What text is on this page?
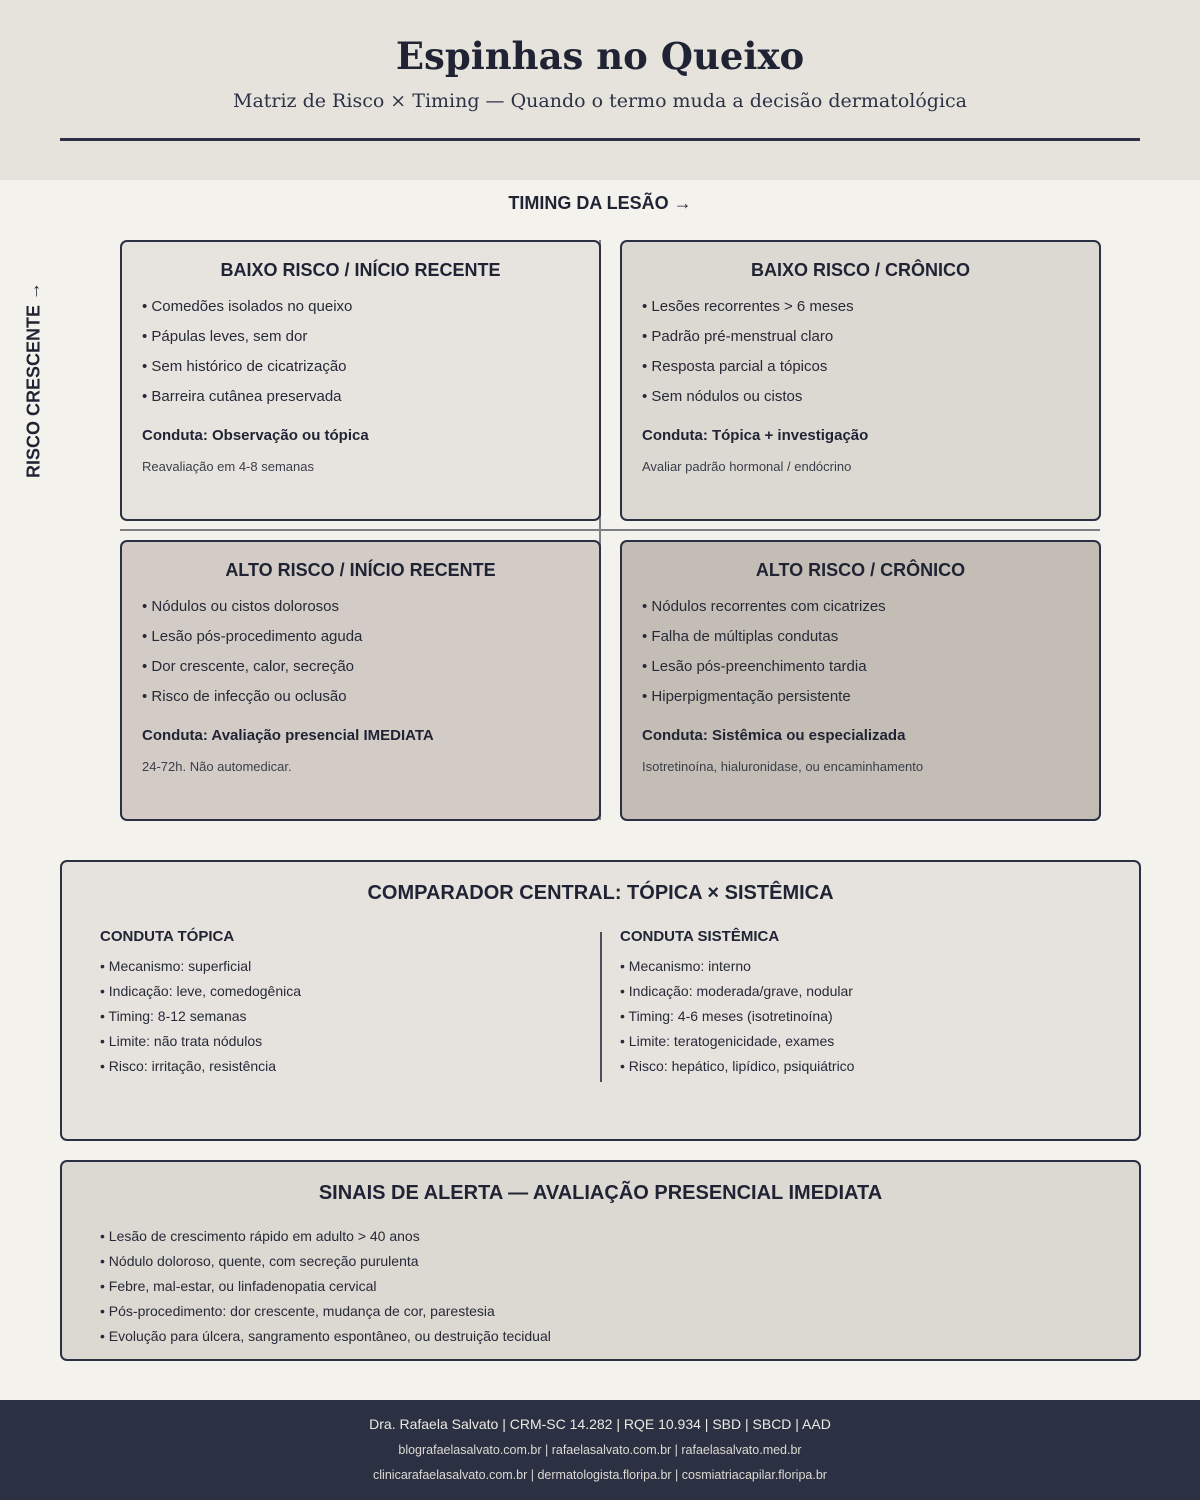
Espinhas no Queixo
Matriz de Risco × Timing — Quando o termo muda a decisão dermatológica
TIMING DA LESÃO →
RISCO CRESCENTE →
BAIXO RISCO / INÍCIO RECENTE
• Comedões isolados no queixo
• Pápulas leves, sem dor
• Sem histórico de cicatrização
• Barreira cutânea preservada
Conduta: Observação ou tópica
Reavaliação em 4-8 semanas
BAIXO RISCO / CRÔNICO
• Lesões recorrentes > 6 meses
• Padrão pré-menstrual claro
• Resposta parcial a tópicos
• Sem nódulos ou cistos
Conduta: Tópica + investigação
Avaliar padrão hormonal / endócrino
ALTO RISCO / INÍCIO RECENTE
• Nódulos ou cistos dolorosos
• Lesão pós-procedimento aguda
• Dor crescente, calor, secreção
• Risco de infecção ou oclusão
Conduta: Avaliação presencial IMEDIATA
24-72h. Não automedicar.
ALTO RISCO / CRÔNICO
• Nódulos recorrentes com cicatrizes
• Falha de múltiplas condutas
• Lesão pós-preenchimento tardia
• Hiperpigmentação persistente
Conduta: Sistêmica ou especializada
Isotretinoína, hialuronidase, ou encaminhamento
COMPARADOR CENTRAL: TÓPICA × SISTÊMICA
CONDUTA TÓPICA
• Mecanismo: superficial
• Indicação: leve, comedogênica
• Timing: 8-12 semanas
• Limite: não trata nódulos
• Risco: irritação, resistência
CONDUTA SISTÊMICA
• Mecanismo: interno
• Indicação: moderada/grave, nodular
• Timing: 4-6 meses (isotretinoína)
• Limite: teratogenicidade, exames
• Risco: hepático, lipídico, psiquiátrico
SINAIS DE ALERTA — AVALIAÇÃO PRESENCIAL IMEDIATA
• Lesão de crescimento rápido em adulto > 40 anos
• Nódulo doloroso, quente, com secreção purulenta
• Febre, mal-estar, ou linfadenopatia cervical
• Pós-procedimento: dor crescente, mudança de cor, parestesia
• Evolução para úlcera, sangramento espontâneo, ou destruição tecidual
Dra. Rafaela Salvato | CRM-SC 14.282 | RQE 10.934 | SBD | SBCD | AAD
blografaelasalvato.com.br | rafaelasalvato.com.br | rafaelasalvato.med.br
clinicarafaelasalvato.com.br | dermatologista.floripa.br | cosmiatriacapilar.floripa.br
